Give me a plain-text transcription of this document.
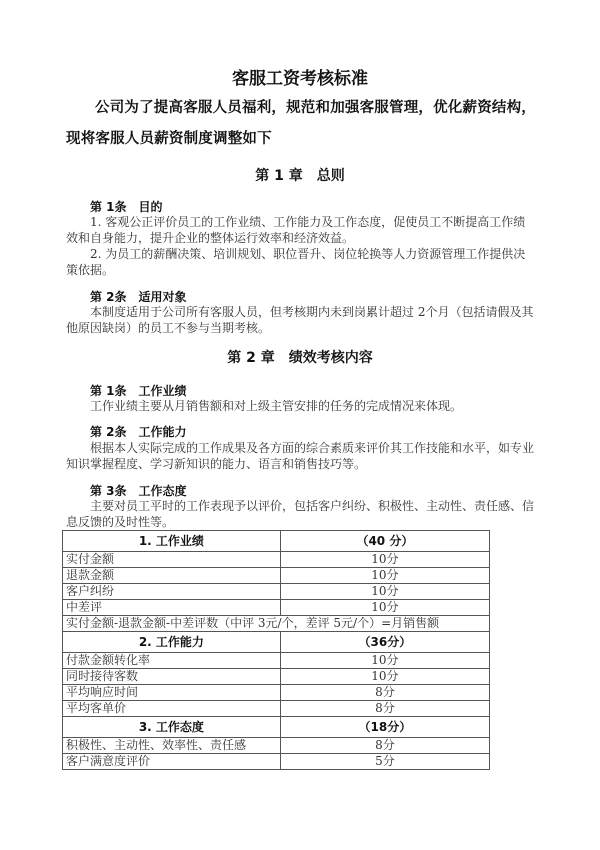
客服工资考核标准
公司为了提高客服人员福利，规范和加强客服管理，优化薪资结构，现将客服人员薪资制度调整如下
第 1 章　总则
第 1条　目的
1. 客观公正评价员工的工作业绩、工作能力及工作态度，促使员工不断提高工作绩效和自身能力，提升企业的整体运行效率和经济效益。
2. 为员工的薪酬决策、培训规划、职位晋升、岗位轮换等人力资源管理工作提供决策依据。
第 2条　适用对象
本制度适用于公司所有客服人员，但考核期内未到岗累计超过 2个月（包括请假及其他原因缺岗）的员工不参与当期考核。
第 2 章　绩效考核内容
第 1条　工作业绩
工作业绩主要从月销售额和对上级主管安排的任务的完成情况来体现。
第 2条　工作能力
根据本人实际完成的工作成果及各方面的综合素质来评价其工作技能和水平，如专业知识掌握程度、学习新知识的能力、语言和销售技巧等。
第 3条　工作态度
主要对员工平时的工作表现予以评价，包括客户纠纷、积极性、主动性、责任感、信息反馈的及时性等。
1. 工作业绩	（40 分）
实付金额	10分
退款金额	10分
客户纠纷	10分
中差评	10分
实付金额-退款金额-中差评数（中评 3元/个，差评 5元/个）=月销售额	
2. 工作能力	（36分）
付款金额转化率	10分
同时接待客数	10分
平均响应时间	8分
平均客单价	8分
3. 工作态度	（18分）
积极性、主动性、效率性、责任感	8分
客户满意度评价	5分
